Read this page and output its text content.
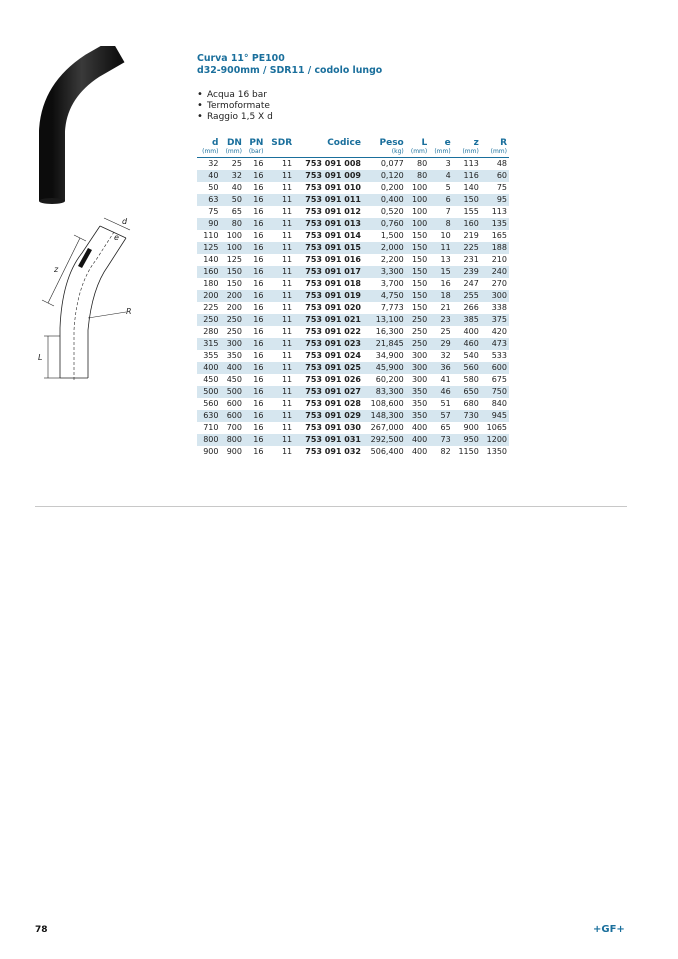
d
e
z
R
L
Curva 11° PE100
d32-900mm / SDR11 / codolo lungo
• Acqua 16 bar
• Termoformate
• Raggio 1,5 X d
d	DN	PN	SDR	Codice	Peso	L	e	z	R
(mm)	(mm)	(bar)			(kg)	(mm)	(mm)	(mm)	(mm)
32	25	16	11	753 091 008	0,077	80	3	113	48
40	32	16	11	753 091 009	0,120	80	4	116	60
50	40	16	11	753 091 010	0,200	100	5	140	75
63	50	16	11	753 091 011	0,400	100	6	150	95
75	65	16	11	753 091 012	0,520	100	7	155	113
90	80	16	11	753 091 013	0,760	100	8	160	135
110	100	16	11	753 091 014	1,500	150	10	219	165
125	100	16	11	753 091 015	2,000	150	11	225	188
140	125	16	11	753 091 016	2,200	150	13	231	210
160	150	16	11	753 091 017	3,300	150	15	239	240
180	150	16	11	753 091 018	3,700	150	16	247	270
200	200	16	11	753 091 019	4,750	150	18	255	300
225	200	16	11	753 091 020	7,773	150	21	266	338
250	250	16	11	753 091 021	13,100	250	23	385	375
280	250	16	11	753 091 022	16,300	250	25	400	420
315	300	16	11	753 091 023	21,845	250	29	460	473
355	350	16	11	753 091 024	34,900	300	32	540	533
400	400	16	11	753 091 025	45,900	300	36	560	600
450	450	16	11	753 091 026	60,200	300	41	580	675
500	500	16	11	753 091 027	83,300	350	46	650	750
560	600	16	11	753 091 028	108,600	350	51	680	840
630	600	16	11	753 091 029	148,300	350	57	730	945
710	700	16	11	753 091 030	267,000	400	65	900	1065
800	800	16	11	753 091 031	292,500	400	73	950	1200
900	900	16	11	753 091 032	506,400	400	82	1150	1350
78	+GF+
